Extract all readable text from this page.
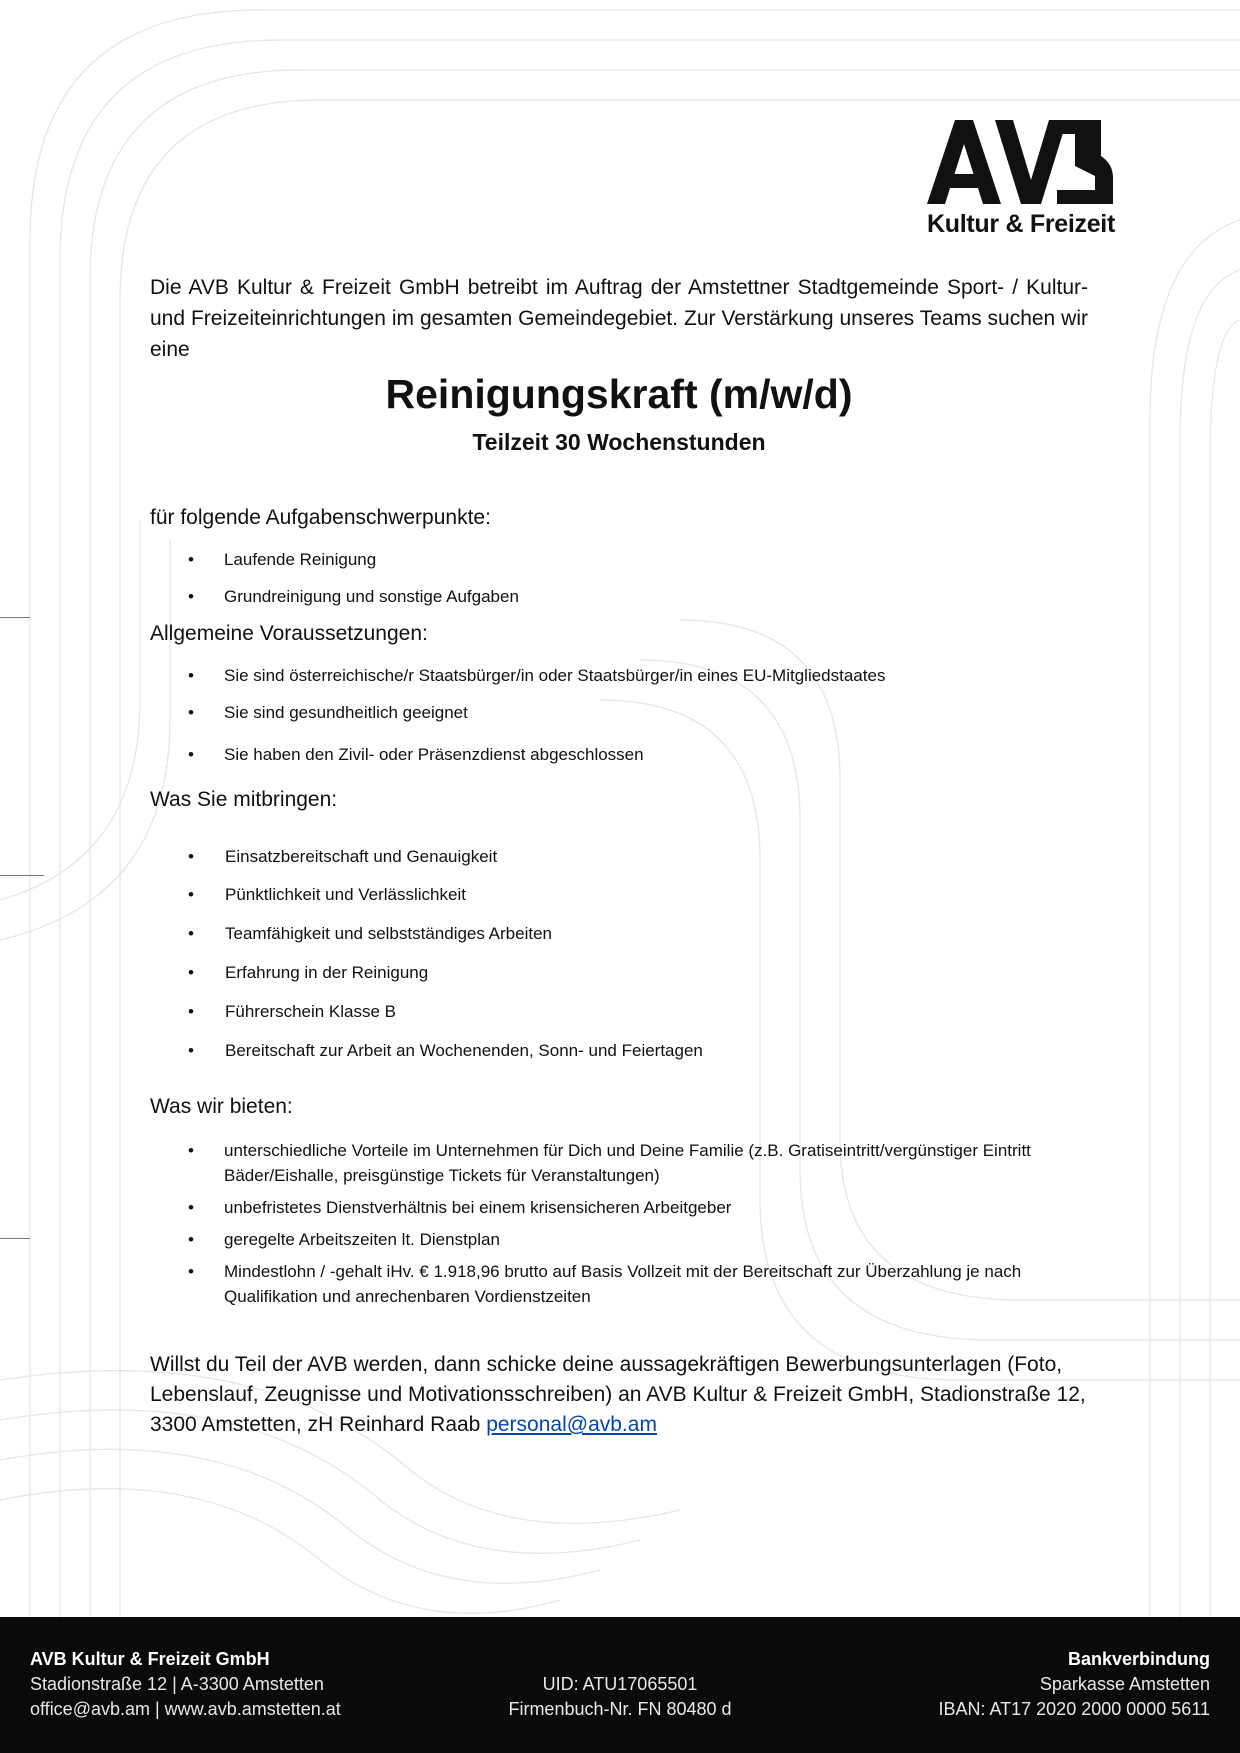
Kultur & Freizeit
Die AVB Kultur & Freizeit GmbH betreibt im Auftrag der Amstettner Stadtgemeinde Sport- / Kultur- und Freizeiteinrichtungen im gesamten Gemeindegebiet. Zur Verstärkung unseres Teams suchen wir eine
Reinigungskraft (m/w/d)
Teilzeit 30 Wochenstunden
für folgende Aufgabenschwerpunkte:
• Laufende Reinigung
• Grundreinigung und sonstige Aufgaben
Allgemeine Voraussetzungen:
• Sie sind österreichische/r Staatsbürger/in oder Staatsbürger/in eines EU-Mitgliedstaates
• Sie sind gesundheitlich geeignet
• Sie haben den Zivil- oder Präsenzdienst abgeschlossen
Was Sie mitbringen:
• Einsatzbereitschaft und Genauigkeit
• Pünktlichkeit und Verlässlichkeit
• Teamfähigkeit und selbstständiges Arbeiten
• Erfahrung in der Reinigung
• Führerschein Klasse B
• Bereitschaft zur Arbeit an Wochenenden, Sonn- und Feiertagen
Was wir bieten:
• unterschiedliche Vorteile im Unternehmen für Dich und Deine Familie (z.B. Gratiseintritt/vergünstiger Eintritt Bäder/Eishalle, preisgünstige Tickets für Veranstaltungen)
• unbefristetes Dienstverhältnis bei einem krisensicheren Arbeitgeber
• geregelte Arbeitszeiten lt. Dienstplan
• Mindestlohn / -gehalt iHv. € 1.918,96 brutto auf Basis Vollzeit mit der Bereitschaft zur Überzahlung je nach Qualifikation und anrechenbaren Vordienstzeiten
Willst du Teil der AVB werden, dann schicke deine aussagekräftigen Bewerbungsunterlagen (Foto, Lebenslauf, Zeugnisse und Motivationsschreiben) an AVB Kultur & Freizeit GmbH, Stadionstraße 12, 3300 Amstetten, zH Reinhard Raab personal@avb.am
AVB Kultur & Freizeit GmbH
Stadionstraße 12 | A-3300 Amstetten
office@avb.am | www.avb.amstetten.at
UID: ATU17065501
Firmenbuch-Nr. FN 80480 d
Bankverbindung
Sparkasse Amstetten
IBAN: AT17 2020 2000 0000 5611
